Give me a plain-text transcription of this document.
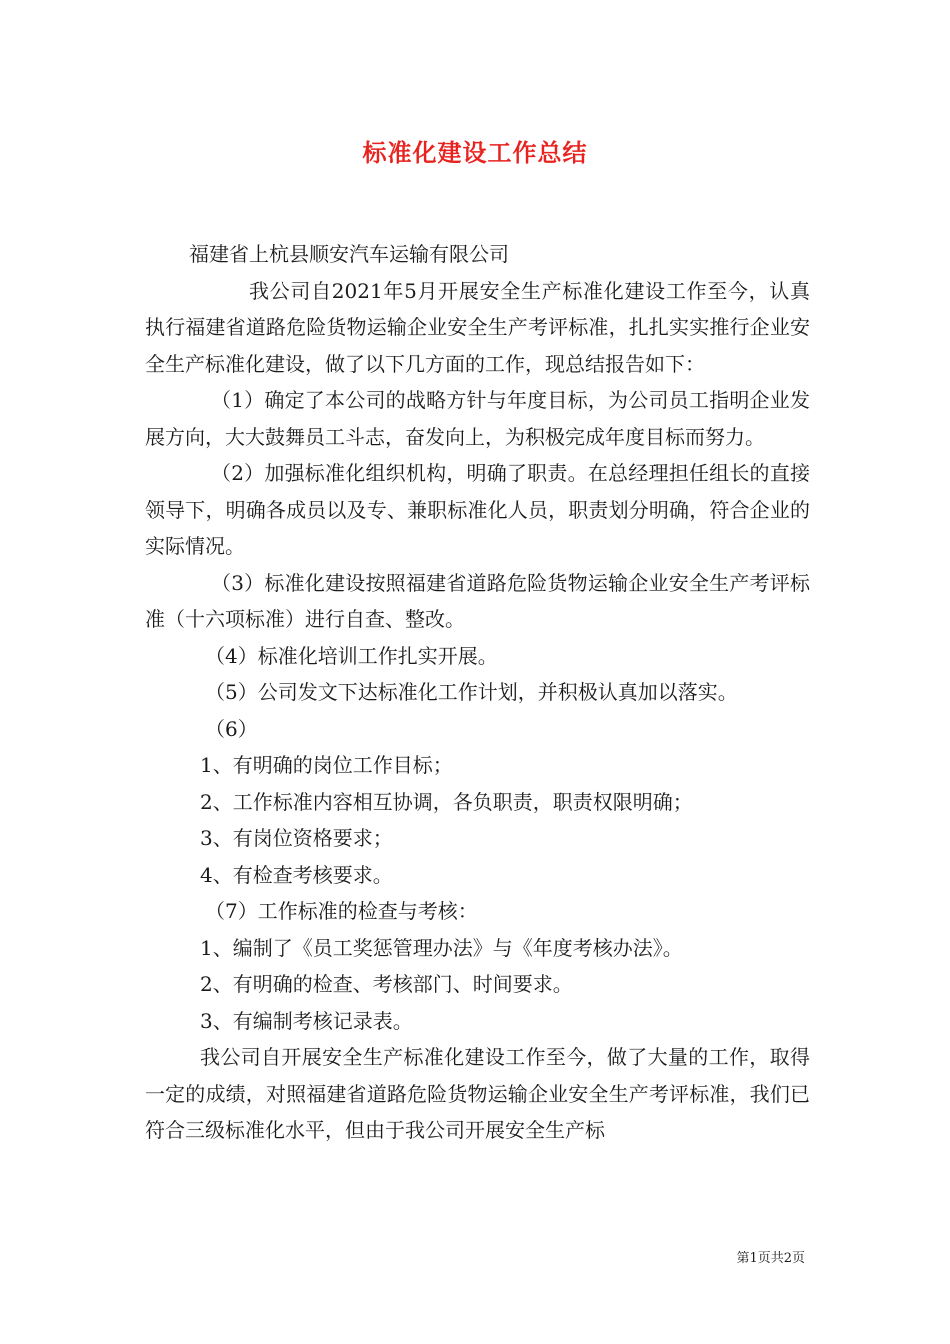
标准化建设工作总结

福建省上杭县顺安汽车运输有限公司

我公司自2021年5月开展安全生产标准化建设工作至今，认真执行福建省道路危险货物运输企业安全生产考评标准，扎扎实实推行企业安全生产标准化建设，做了以下几方面的工作，现总结报告如下：

（1）确定了本公司的战略方针与年度目标，为公司员工指明企业发展方向，大大鼓舞员工斗志，奋发向上，为积极完成年度目标而努力。

（2）加强标准化组织机构，明确了职责。在总经理担任组长的直接领导下，明确各成员以及专、兼职标准化人员，职责划分明确，符合企业的实际情况。

（3）标准化建设按照福建省道路危险货物运输企业安全生产考评标准（十六项标准）进行自查、整改。

（4）标准化培训工作扎实开展。

（5）公司发文下达标准化工作计划，并积极认真加以落实。

（6）

1、有明确的岗位工作目标；

2、工作标准内容相互协调，各负职责，职责权限明确；

3、有岗位资格要求；

4、有检查考核要求。

（7）工作标准的检查与考核：

1、编制了《员工奖惩管理办法》与《年度考核办法》。

2、有明确的检查、考核部门、时间要求。

3、有编制考核记录表。

我公司自开展安全生产标准化建设工作至今，做了大量的工作，取得一定的成绩，对照福建省道路危险货物运输企业安全生产考评标准，我们已符合三级标准化水平，但由于我公司开展安全生产标

第1页共2页
